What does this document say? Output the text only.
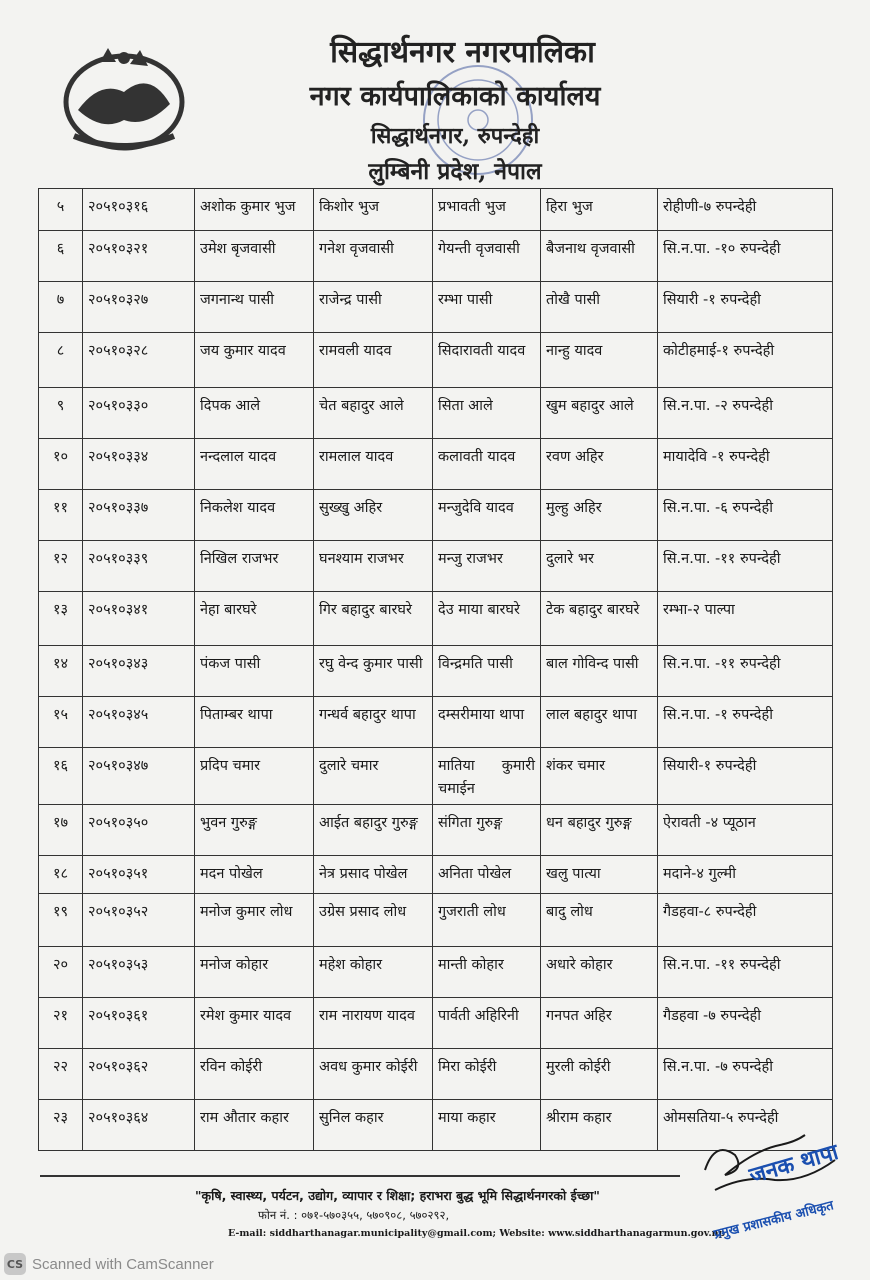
सिद्धार्थनगर नगरपालिका
नगर कार्यपालिकाको कार्यालय
सिद्धार्थनगर, रुपन्देही
लुम्बिनी प्रदेश, नेपाल
५	२०५१०३१६	अशोक कुमार भुज	किशोर भुज	प्रभावती भुज	हिरा भुज	रोहीणी-७ रुपन्देही
६	२०५१०३२१	उमेश बृजवासी	गनेश वृजवासी	गेयन्ती वृजवासी	बैजनाथ वृजवासी	सि.न.पा. -१० रुपन्देही
७	२०५१०३२७	जगनान्थ पासी	राजेन्द्र पासी	रम्भा पासी	तोखै पासी	सियारी -१ रुपन्देही
८	२०५१०३२८	जय कुमार यादव	रामवली यादव	सिदारावती यादव	नान्हु यादव	कोटीहमाई-१ रुपन्देही
९	२०५१०३३०	दिपक आले	चेत बहादुर आले	सिता आले	खुम बहादुर आले	सि.न.पा. -२ रुपन्देही
१०	२०५१०३३४	नन्दलाल यादव	रामलाल यादव	कलावती यादव	रवण अहिर	मायादेवि -१ रुपन्देही
११	२०५१०३३७	निकलेश यादव	सुख्खु अहिर	मन्जुदेवि यादव	मुल्हु अहिर	सि.न.पा. -६ रुपन्देही
१२	२०५१०३३९	निखिल राजभर	घनश्याम राजभर	मन्जु राजभर	दुलारे भर	सि.न.पा. -११ रुपन्देही
१३	२०५१०३४१	नेहा बारघरे	गिर बहादुर बारघरे	देउ माया बारघरे	टेक बहादुर बारघरे	रम्भा-२ पाल्पा
१४	२०५१०३४३	पंकज पासी	रघु वेन्द कुमार पासी	विन्द्रमति पासी	बाल गोविन्द पासी	सि.न.पा. -११ रुपन्देही
१५	२०५१०३४५	पिताम्बर थापा	गन्धर्व बहादुर थापा	दम्सरीमाया थापा	लाल बहादुर थापा	सि.न.पा. -१ रुपन्देही
१६	२०५१०३४७	प्रदिप चमार	दुलारे चमार	मातिया कुमारी चमाईन	शंकर चमार	सियारी-१ रुपन्देही
१७	२०५१०३५०	भुवन गुरुङ्ग	आईत बहादुर गुरुङ्ग	संगिता गुरुङ्ग	धन बहादुर गुरुङ्ग	ऐरावती -४ प्यूठान
१८	२०५१०३५१	मदन पोखेल	नेत्र प्रसाद पोखेल	अनिता पोखेल	खलु पात्या	मदाने-४ गुल्मी
१९	२०५१०३५२	मनोज कुमार लोध	उग्रेस प्रसाद लोध	गुजराती लोध	बादु लोध	गैडहवा-८ रुपन्देही
२०	२०५१०३५३	मनोज कोहार	महेश कोहार	मान्ती कोहार	अधारे कोहार	सि.न.पा. -११ रुपन्देही
२१	२०५१०३६१	रमेश कुमार यादव	राम नारायण यादव	पार्वती अहिरिनी	गनपत अहिर	गैडहवा -७ रुपन्देही
२२	२०५१०३६२	रविन कोईरी	अवध कुमार कोईरी	मिरा कोईरी	मुरली कोईरी	सि.न.पा. -७ रुपन्देही
२३	२०५१०३६४	राम औतार कहार	सुनिल कहार	माया कहार	श्रीराम कहार	ओमसतिया-५ रुपन्देही
"कृषि, स्वास्थ्य, पर्यटन, उद्योग, व्यापार र शिक्षा; हराभरा बुद्ध भूमि सिद्धार्थनगरको ईच्छा"
फोन नं. : ०७१-५७०३५५, ५७०९०८, ५७०२९२,
E-mail: siddharthanagar.municipality@gmail.com; Website: www.siddharthanagarmun.gov.np
जनक थापा
प्रमुख प्रशासकीय अधिकृत
CS Scanned with CamScanner
